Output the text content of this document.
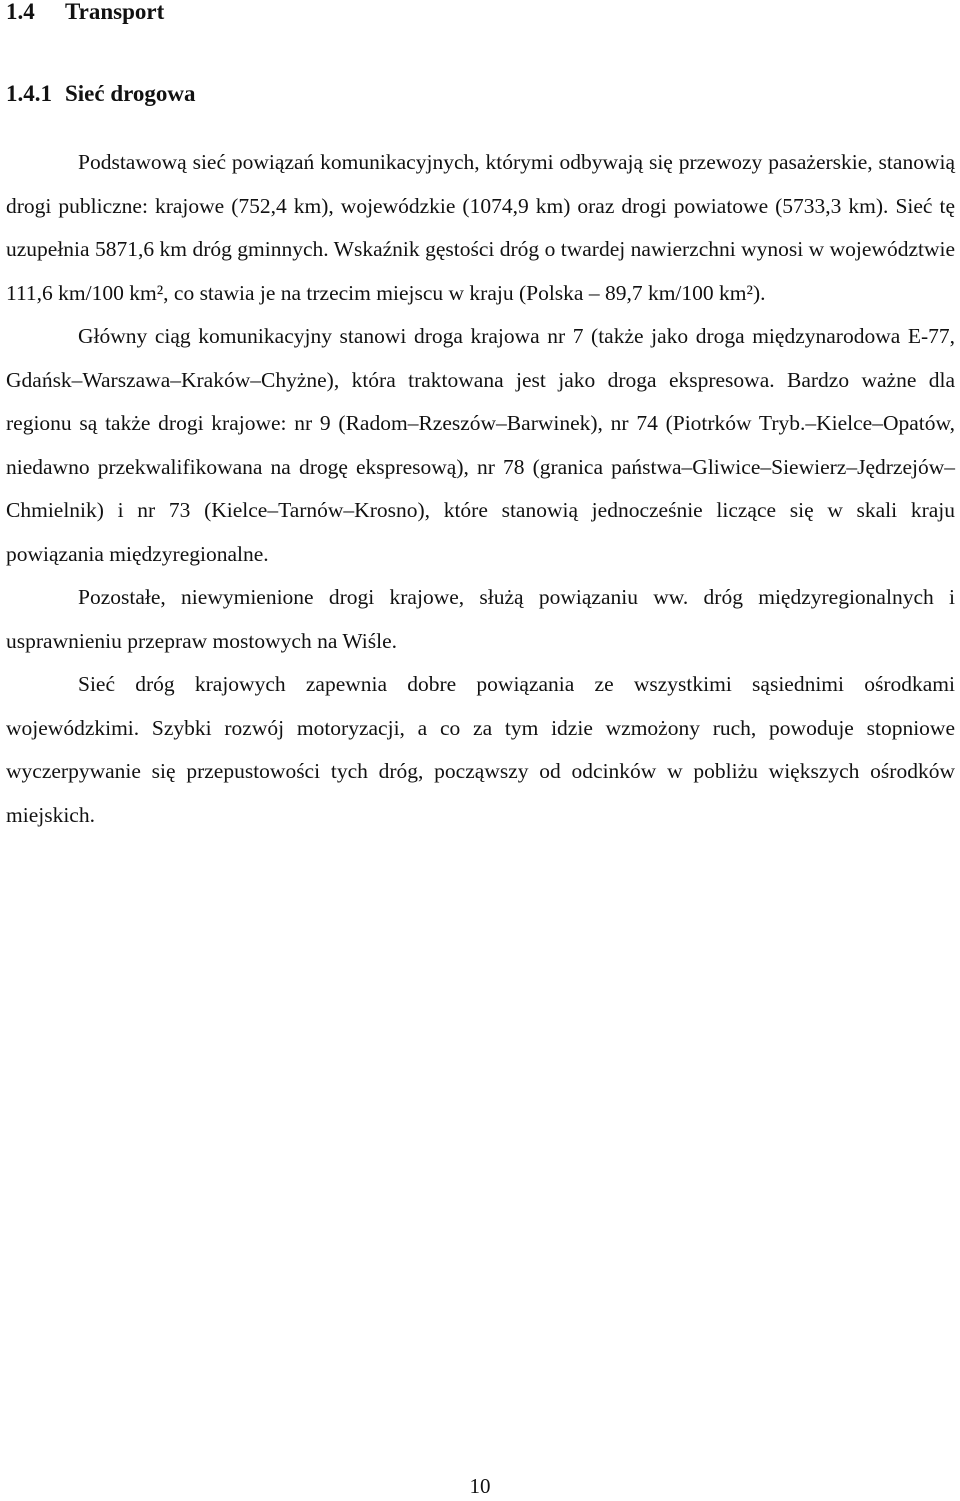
1.4 Transport
1.4.1 Sieć drogowa

Podstawową sieć powiązań komunikacyjnych, którymi odbywają się przewozy pasażerskie, stanowią drogi publiczne: krajowe (752,4 km), wojewódzkie (1074,9 km) oraz drogi powiatowe (5733,3 km). Sieć tę uzupełnia 5871,6 km dróg gminnych. Wskaźnik gęstości dróg o twardej nawierzchni wynosi w województwie 111,6 km/100 km², co stawia je na trzecim miejscu w kraju (Polska – 89,7 km/100 km²).

Główny ciąg komunikacyjny stanowi droga krajowa nr 7 (także jako droga międzynarodowa E-77, Gdańsk–Warszawa–Kraków–Chyżne), która traktowana jest jako droga ekspresowa. Bardzo ważne dla regionu są także drogi krajowe: nr 9 (Radom–Rzeszów–Barwinek), nr 74 (Piotrków Tryb.–Kielce–Opatów, niedawno przekwalifikowana na drogę ekspresową), nr 78 (granica państwa–Gliwice–Siewierz–Jędrzejów–Chmielnik) i nr 73 (Kielce–Tarnów–Krosno), które stanowią jednocześnie liczące się w skali kraju powiązania międzyregionalne.

Pozostałe, niewymienione drogi krajowe, służą powiązaniu ww. dróg międzyregionalnych i usprawnieniu przepraw mostowych na Wiśle.

Sieć dróg krajowych zapewnia dobre powiązania ze wszystkimi sąsiednimi ośrodkami wojewódzkimi. Szybki rozwój motoryzacji, a co za tym idzie wzmożony ruch, powoduje stopniowe wyczerpywanie się przepustowości tych dróg, począwszy od odcinków w pobliżu większych ośrodków miejskich.

10
